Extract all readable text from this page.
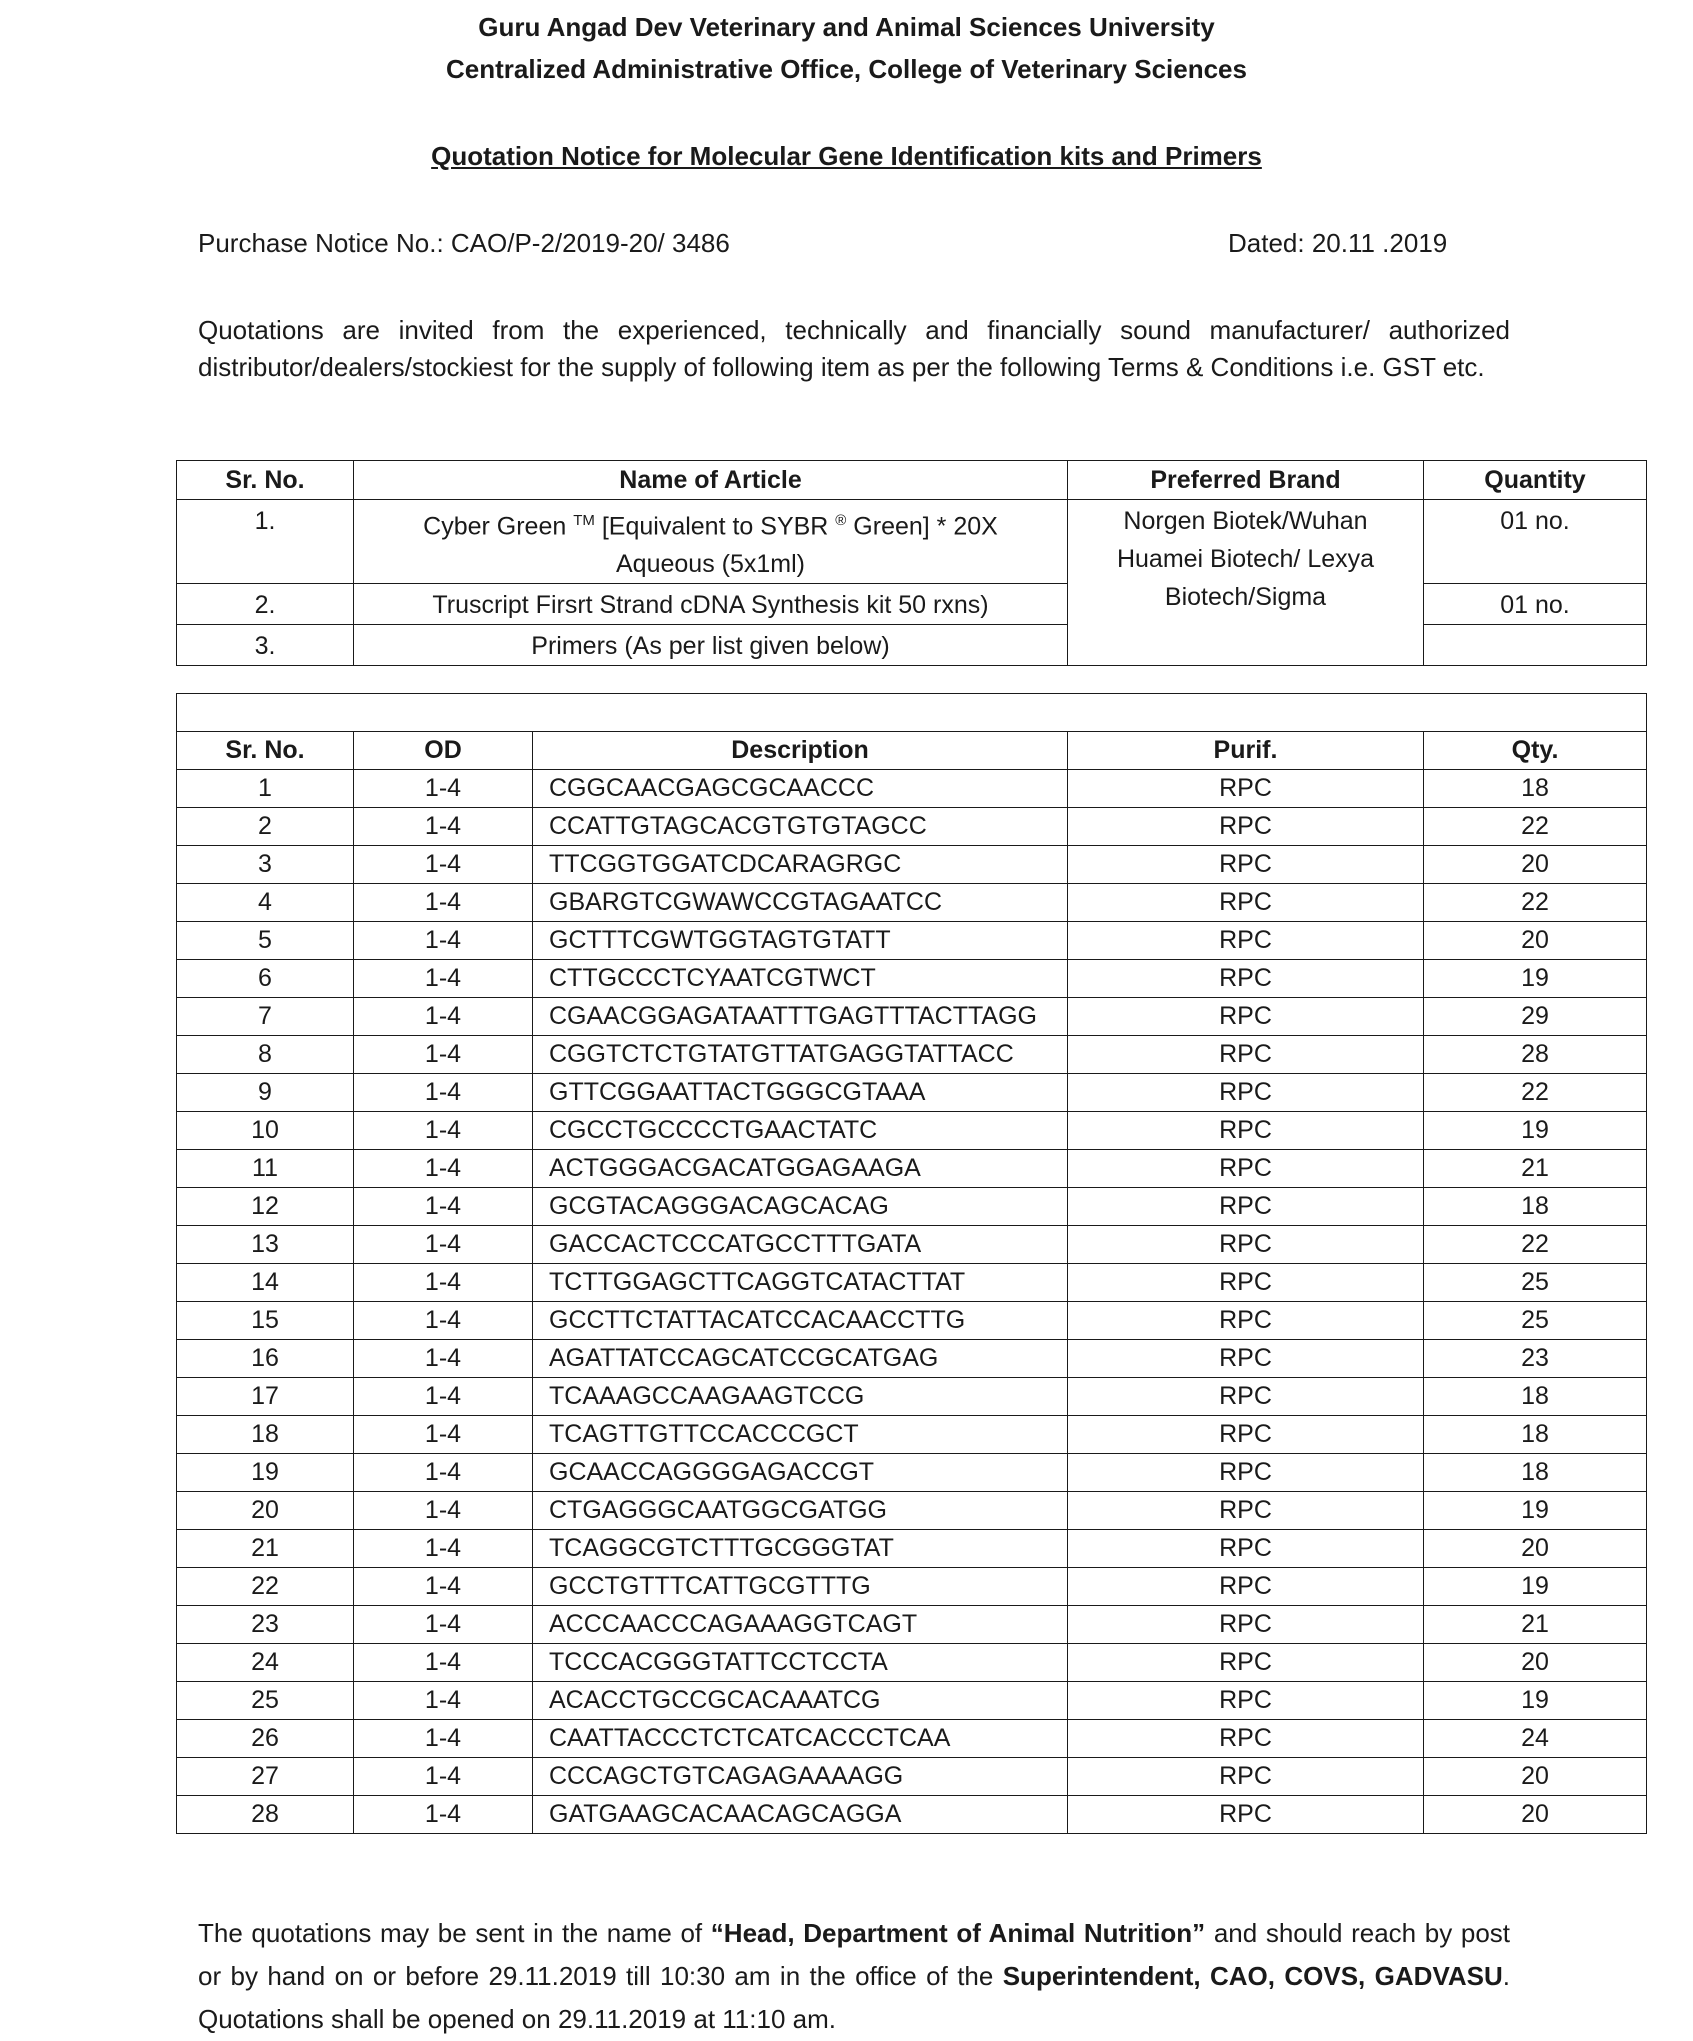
Guru Angad Dev Veterinary and Animal Sciences University
Centralized Administrative Office, College of Veterinary Sciences
Quotation Notice for Molecular Gene Identification kits and Primers
Purchase Notice No.: CAO/P-2/2019-20/ 3486	Dated: 20.11 .2019

Quotations are invited from the experienced, technically and financially sound manufacturer/ authorized distributor/dealers/stockiest for the supply of following item as per the following Terms & Conditions i.e. GST etc.

Sr. No.	Name of Article	Preferred Brand	Quantity
1.	Cyber Green ™ [Equivalent to SYBR ® Green] * 20X Aqueous (5x1ml)	Norgen Biotek/Wuhan Huamei Biotech/ Lexya Biotech/Sigma	01 no.
2.	Truscript Firsrt Strand cDNA Synthesis kit 50 rxns)		01 no.
3.	Primers (As per list given below)		

Sr. No.	OD	Description	Purif.	Qty.
1	1-4	CGGCAACGAGCGCAACCC	RPC	18
2	1-4	CCATTGTAGCACGTGTGTAGCC	RPC	22
3	1-4	TTCGGTGGATCDCARAGRGC	RPC	20
4	1-4	GBARGTCGWAWCCGTAGAATCC	RPC	22
5	1-4	GCTTTCGWTGGTAGTGTATT	RPC	20
6	1-4	CTTGCCCTCYAATCGTWCT	RPC	19
7	1-4	CGAACGGAGATAATTTGAGTTTACTTAGG	RPC	29
8	1-4	CGGTCTCTGTATGTTATGAGGTATTACC	RPC	28
9	1-4	GTTCGGAATTACTGGGCGTAAA	RPC	22
10	1-4	CGCCTGCCCCTGAACTATC	RPC	19
11	1-4	ACTGGGACGACATGGAGAAGA	RPC	21
12	1-4	GCGTACAGGGACAGCACAG	RPC	18
13	1-4	GACCACTCCCATGCCTTTGATA	RPC	22
14	1-4	TCTTGGAGCTTCAGGTCATACTTAT	RPC	25
15	1-4	GCCTTCTATTACATCCACAACCTTG	RPC	25
16	1-4	AGATTATCCAGCATCCGCATGAG	RPC	23
17	1-4	TCAAAGCCAAGAAGTCCG	RPC	18
18	1-4	TCAGTTGTTCCACCCGCT	RPC	18
19	1-4	GCAACCAGGGGAGACCGT	RPC	18
20	1-4	CTGAGGGCAATGGCGATGG	RPC	19
21	1-4	TCAGGCGTCTTTGCGGGTAT	RPC	20
22	1-4	GCCTGTTTCATTGCGTTTG	RPC	19
23	1-4	ACCCAACCCAGAAAGGTCAGT	RPC	21
24	1-4	TCCCACGGGTATTCCTCCTA	RPC	20
25	1-4	ACACCTGCCGCACAAATCG	RPC	19
26	1-4	CAATTACCCTCTCATCACCCTCAA	RPC	24
27	1-4	CCCAGCTGTCAGAGAAAAGG	RPC	20
28	1-4	GATGAAGCACAACAGCAGGA	RPC	20

The quotations may be sent in the name of “Head, Department of Animal Nutrition” and should reach by post or by hand on or before 29.11.2019 till 10:30 am in the office of the Superintendent, CAO, COVS, GADVASU. Quotations shall be opened on 29.11.2019 at 11:10 am.
